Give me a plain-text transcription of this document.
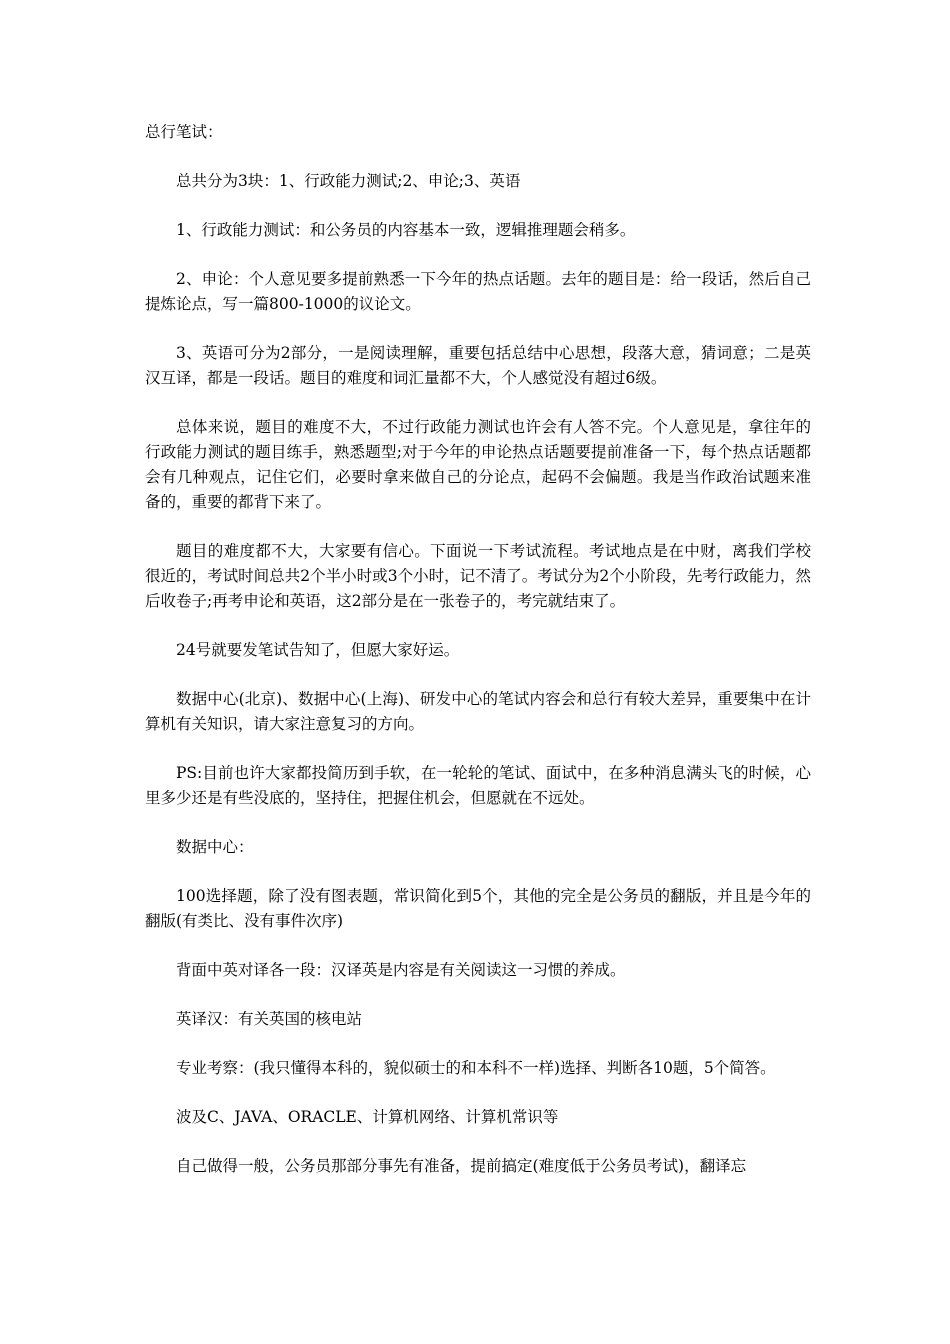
总行笔试：

总共分为3块：1、行政能力测试;2、申论;3、英语

1、行政能力测试：和公务员的内容基本一致，逻辑推理题会稍多。

2、申论：个人意见要多提前熟悉一下今年的热点话题。去年的题目是：给一段话，然后自己提炼论点，写一篇800-1000的议论文。

3、英语可分为2部分，一是阅读理解，重要包括总结中心思想，段落大意，猜词意；二是英汉互译，都是一段话。题目的难度和词汇量都不大，个人感觉没有超过6级。

总体来说，题目的难度不大，不过行政能力测试也许会有人答不完。个人意见是，拿往年的行政能力测试的题目练手，熟悉题型;对于今年的申论热点话题要提前准备一下，每个热点话题都会有几种观点，记住它们，必要时拿来做自己的分论点，起码不会偏题。我是当作政治试题来准备的，重要的都背下来了。

题目的难度都不大，大家要有信心。下面说一下考试流程。考试地点是在中财，离我们学校很近的，考试时间总共2个半小时或3个小时，记不清了。考试分为2个小阶段，先考行政能力，然后收卷子;再考申论和英语，这2部分是在一张卷子的，考完就结束了。

24号就要发笔试告知了，但愿大家好运。

数据中心(北京)、数据中心(上海)、研发中心的笔试内容会和总行有较大差异，重要集中在计算机有关知识，请大家注意复习的方向。

PS:目前也许大家都投简历到手软，在一轮轮的笔试、面试中，在多种消息满头飞的时候，心里多少还是有些没底的，坚持住，把握住机会，但愿就在不远处。

数据中心：

100选择题，除了没有图表题，常识简化到5个，其他的完全是公务员的翻版，并且是今年的翻版(有类比、没有事件次序)

背面中英对译各一段：汉译英是内容是有关阅读这一习惯的养成。

英译汉：有关英国的核电站

专业考察：(我只懂得本科的，貌似硕士的和本科不一样)选择、判断各10题，5个简答。

波及C、JAVA、ORACLE、计算机网络、计算机常识等

自己做得一般，公务员那部分事先有准备，提前搞定(难度低于公务员考试)，翻译忘
